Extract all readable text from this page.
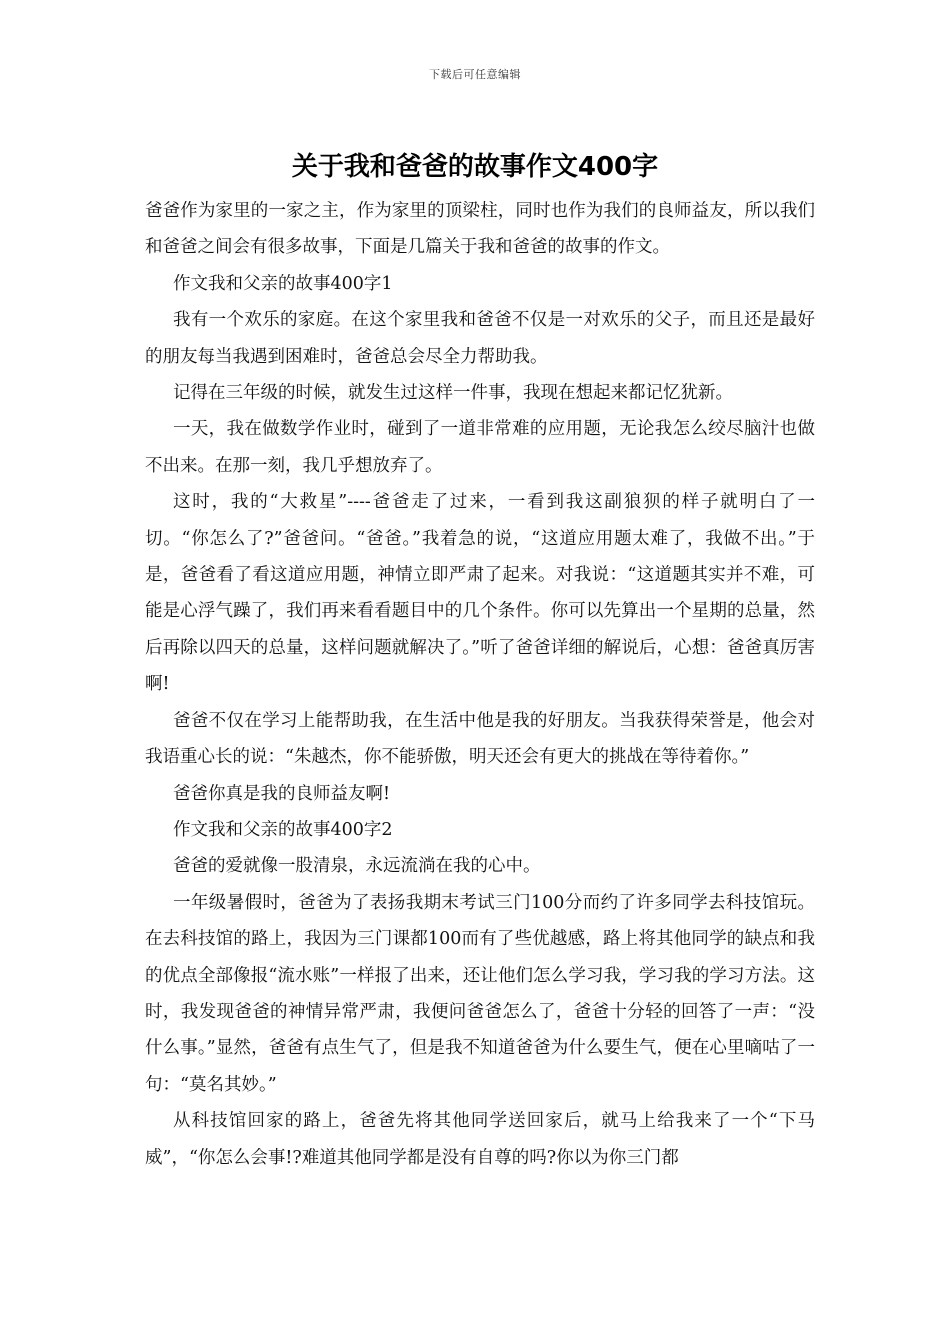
下载后可任意编辑
关于我和爸爸的故事作文400字

爸爸作为家里的一家之主，作为家里的顶梁柱，同时也作为我们的良师益友，所以我们和爸爸之间会有很多故事，下面是几篇关于我和爸爸的故事的作文。

作文我和父亲的故事400字1

我有一个欢乐的家庭。在这个家里我和爸爸不仅是一对欢乐的父子，而且还是最好的朋友每当我遇到困难时，爸爸总会尽全力帮助我。

记得在三年级的时候，就发生过这样一件事，我现在想起来都记忆犹新。

一天，我在做数学作业时，碰到了一道非常难的应用题，无论我怎么绞尽脑汁也做不出来。在那一刻，我几乎想放弃了。

这时，我的“大救星”----爸爸走了过来，一看到我这副狼狈的样子就明白了一切。“你怎么了?”爸爸问。“爸爸。”我着急的说，“这道应用题太难了，我做不出。”于是，爸爸看了看这道应用题，神情立即严肃了起来。对我说：“这道题其实并不难，可能是心浮气躁了，我们再来看看题目中的几个条件。你可以先算出一个星期的总量，然后再除以四天的总量，这样问题就解决了。”听了爸爸详细的解说后，心想：爸爸真厉害啊!

爸爸不仅在学习上能帮助我，在生活中他是我的好朋友。当我获得荣誉是，他会对我语重心长的说：“朱越杰，你不能骄傲，明天还会有更大的挑战在等待着你。”

爸爸你真是我的良师益友啊!

作文我和父亲的故事400字2

爸爸的爱就像一股清泉，永远流淌在我的心中。

一年级暑假时，爸爸为了表扬我期末考试三门100分而约了许多同学去科技馆玩。在去科技馆的路上，我因为三门课都100而有了些优越感，路上将其他同学的缺点和我的优点全部像报“流水账”一样报了出来，还让他们怎么学习我，学习我的学习方法。这时，我发现爸爸的神情异常严肃，我便问爸爸怎么了，爸爸十分轻的回答了一声：“没什么事。”显然，爸爸有点生气了，但是我不知道爸爸为什么要生气，便在心里嘀咕了一句：“莫名其妙。”

从科技馆回家的路上，爸爸先将其他同学送回家后，就马上给我来了一个“下马威”，“你怎么会事!?难道其他同学都是没有自尊的吗?你以为你三门都
